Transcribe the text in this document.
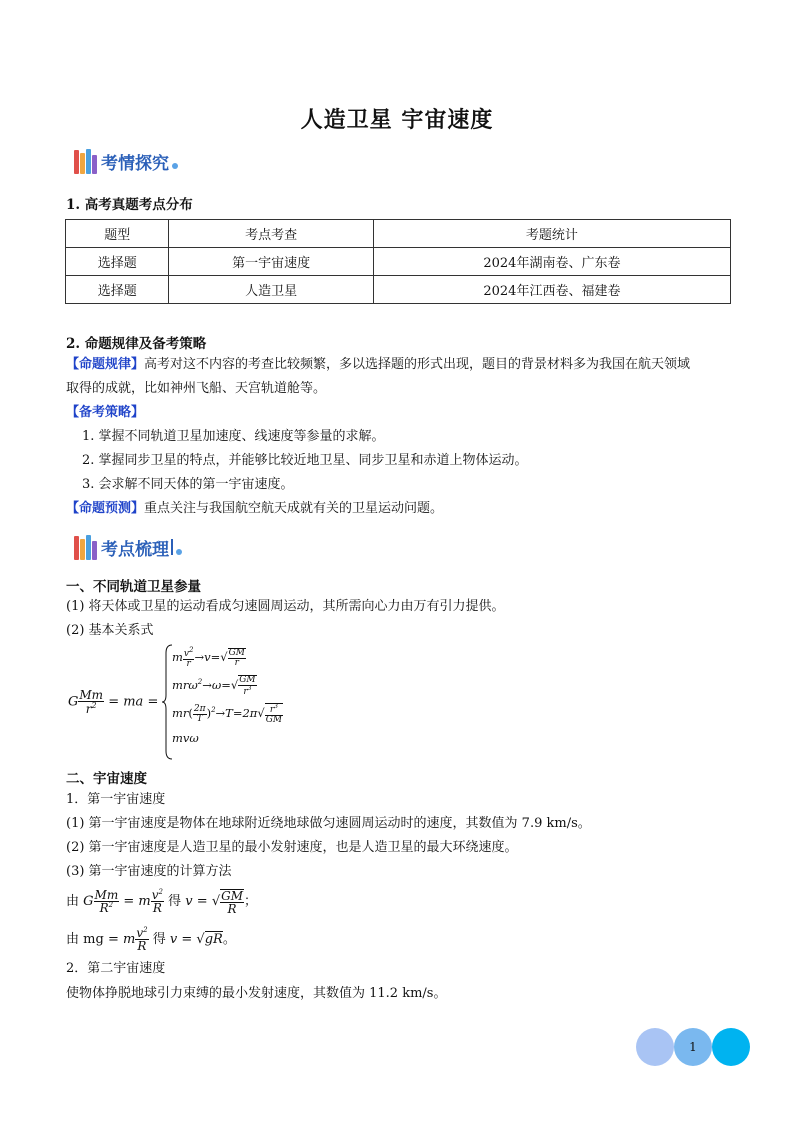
人造卫星 宇宙速度
考情探究
1. 高考真题考点分布
题型	考点考查	考题统计
选择题	第一宇宙速度	2024年湖南卷、广东卷
选择题	人造卫星	2024年江西卷、福建卷
2. 命题规律及备考策略
【命题规律】高考对这不内容的考查比较频繁，多以选择题的形式出现，题目的背景材料多为我国在航天领域
取得的成就，比如神州飞船、天宫轨道舱等。
【备考策略】
1. 掌握不同轨道卫星加速度、线速度等参量的求解。
2. 掌握同步卫星的特点，并能够比较近地卫星、同步卫星和赤道上物体运动。
3. 会求解不同天体的第一宇宙速度。
【命题预测】重点关注与我国航空航天成就有关的卫星运动问题。
考点梳理
一、不同轨道卫星参量
(1) 将天体或卫星的运动看成匀速圆周运动，其所需向心力由万有引力提供。
(2) 基本关系式
G $\frac{Mm}{r^2}$ = ma =
m $\frac{v^2}{r} \to v=√ \frac{GM}{r}$
$mr\omega^2\to\omega=√ \frac{GM}{r^3}$
$mr( \frac{2\pi}{T} )^2\to T=2\pi√ \frac{r^3}{GM}$
mvω
二、宇宙速度
1．第一宇宙速度
(1) 第一宇宙速度是物体在地球附近绕地球做匀速圆周运动时的速度，其数值为 7.9 km/s。
(2) 第一宇宙速度是人造卫星的最小发射速度，也是人造卫星的最大环绕速度。
(3) 第一宇宙速度的计算方法
由 G $\frac{Mm}{R^2} = m \frac{v^2}{R}$ 得 v = √ $\frac{GM}{R}$ ；
由 mg = m $\frac{v^2}{R}$ 得 v = √gR。
2．第二宇宙速度
使物体挣脱地球引力束缚的最小发射速度，其数值为 11.2 km/s。
1
